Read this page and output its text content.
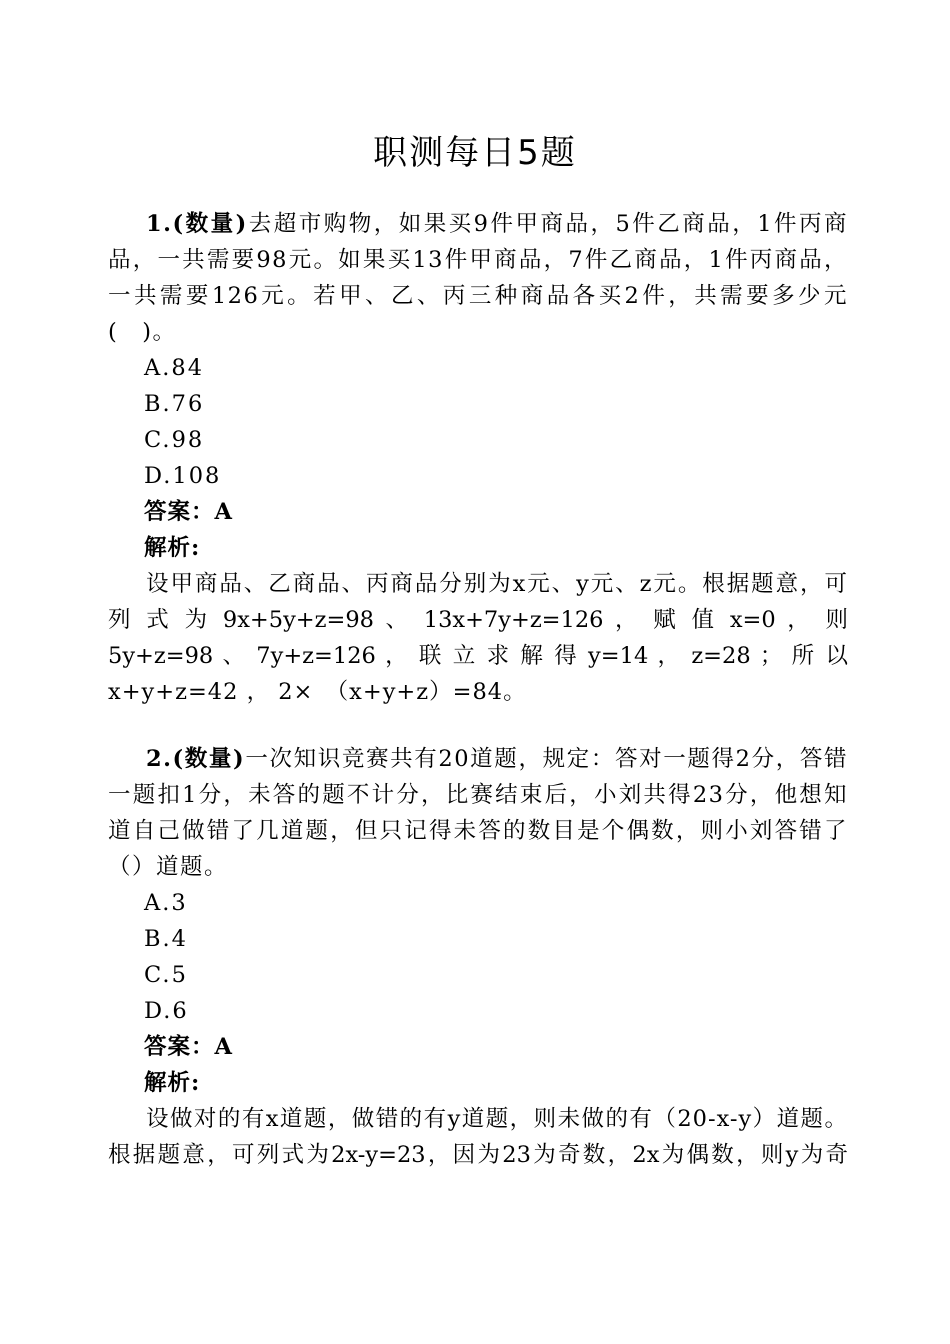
职测每日5题

1.(数量)去超市购物，如果买9件甲商品，5件乙商品，1件丙商品，一共需要98元。如果买13件甲商品，7件乙商品，1件丙商品，一共需要126元。若甲、乙、丙三种商品各买2件，共需要多少元(　)。

A.84

B.76

C.98

D.108

答案：A

解析:

设甲商品、乙商品、丙商品分别为x元、y元、z元。根据题意，可

列 式 为 9x+5y+z=98 、 13x+7y+z=126 ， 赋 值 x=0 ， 则

5y+z=98 、 7y+z=126 ， 联 立 求 解 得 y=14 ， z=28 ； 所 以

x+y+z=42 ， 2×　（x+y+z）=84。

2.(数量)一次知识竞赛共有20道题，规定：答对一题得2分，答错一题扣1分，未答的题不计分，比赛结束后，小刘共得23分，他想知道自己做错了几道题，但只记得未答的数目是个偶数，则小刘答错了（）道题。

A.3

B.4

C.5

D.6

答案：A

解析:

设做对的有x道题，做错的有y道题，则未做的有（20-x-y）道题。

根据题意，可列式为2x-y=23，因为23为奇数，2x为偶数，则y为奇
